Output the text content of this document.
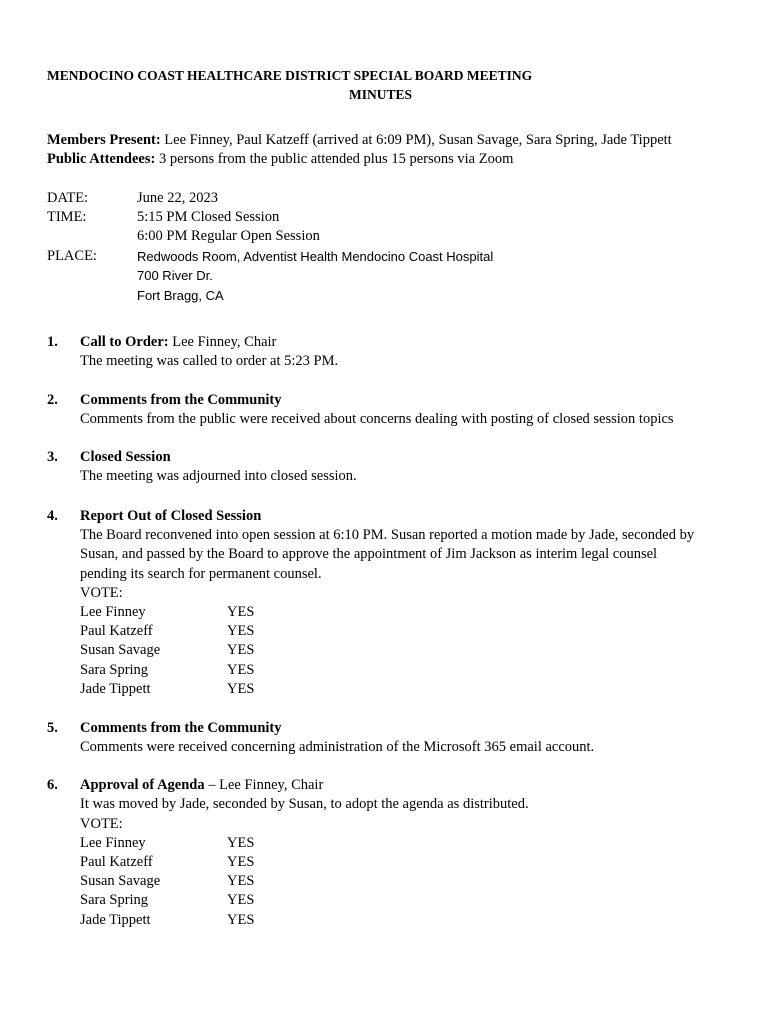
MENDOCINO COAST HEALTHCARE DISTRICT SPECIAL BOARD MEETING
MINUTES
Members Present: Lee Finney, Paul Katzeff (arrived at 6:09 PM), Susan Savage, Sara Spring, Jade Tippett
Public Attendees: 3 persons from the public attended plus 15 persons via Zoom
DATE:	June 22, 2023
TIME:	5:15 PM Closed Session
6:00 PM Regular Open Session
PLACE:	Redwoods Room, Adventist Health Mendocino Coast Hospital
700 River Dr.
Fort Bragg, CA
1. Call to Order: Lee Finney, Chair
The meeting was called to order at 5:23 PM.
2. Comments from the Community
Comments from the public were received about concerns dealing with posting of closed session topics
3. Closed Session
The meeting was adjourned into closed session.
4. Report Out of Closed Session
The Board reconvened into open session at 6:10 PM. Susan reported a motion made by Jade, seconded by
Susan, and passed by the Board to approve the appointment of Jim Jackson as interim legal counsel
pending its search for permanent counsel.
VOTE:
Lee Finney	YES
Paul Katzeff	YES
Susan Savage	YES
Sara Spring	YES
Jade Tippett	YES
5. Comments from the Community
Comments were received concerning administration of the Microsoft 365 email account.
6. Approval of Agenda – Lee Finney, Chair
It was moved by Jade, seconded by Susan, to adopt the agenda as distributed.
VOTE:
Lee Finney	YES
Paul Katzeff	YES
Susan Savage	YES
Sara Spring	YES
Jade Tippett	YES
